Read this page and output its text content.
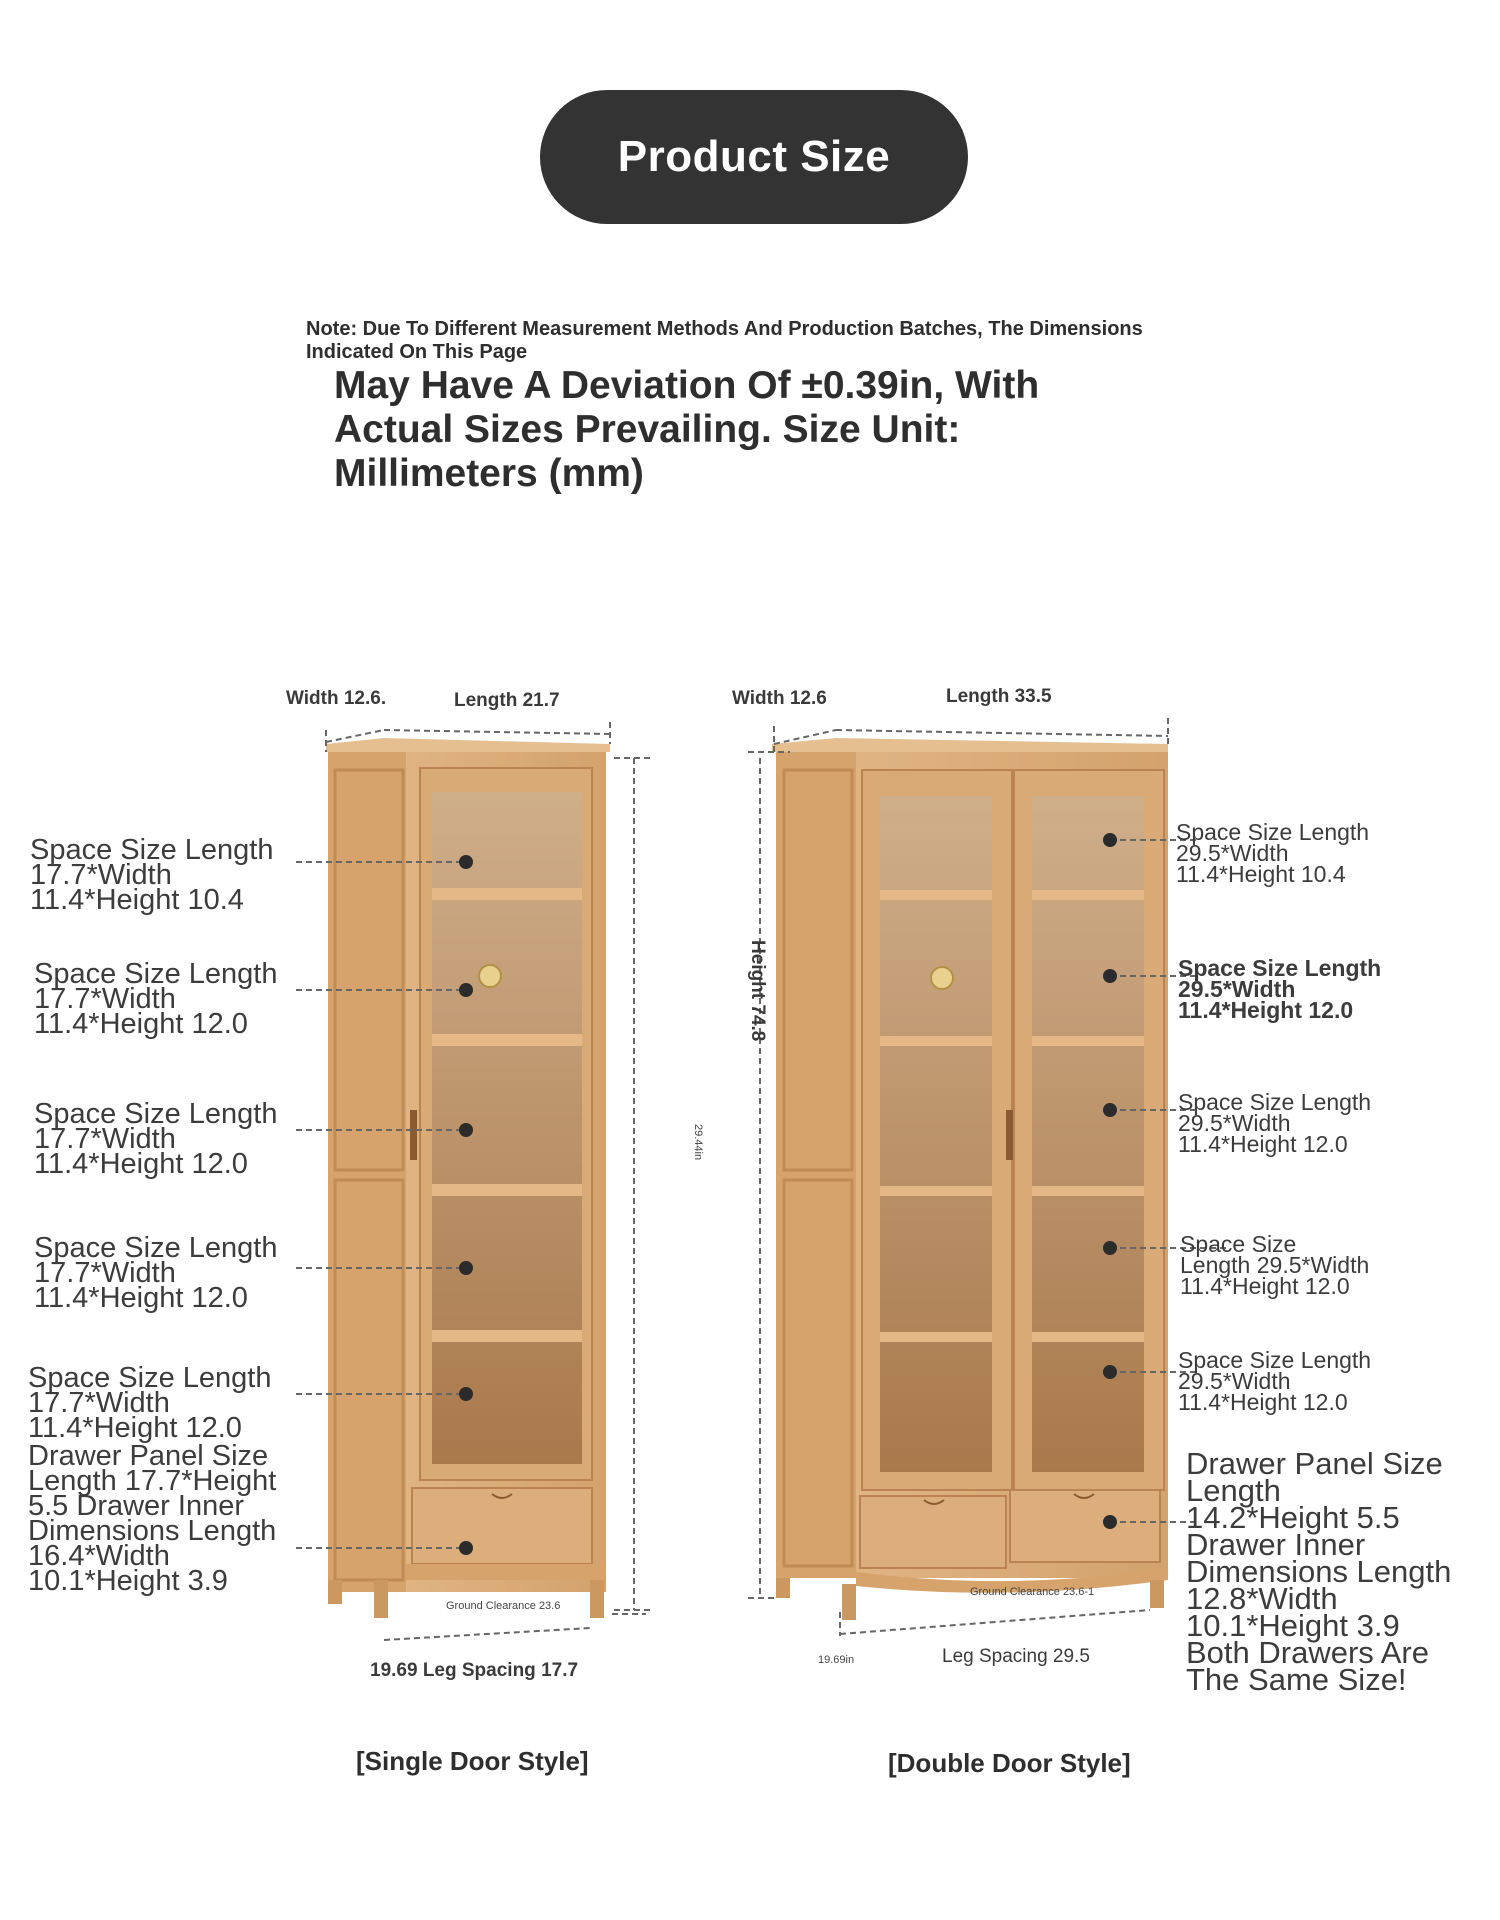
Product Size
Note: Due To Different Measurement Methods And Production Batches, The Dimensions Indicated On This Page
May Have A Deviation Of ±0.39in, With Actual Sizes Prevailing. Size Unit: Millimeters (mm)
Width 12.6.	Length 21.7
29.44in
Ground Clearance 23.6
19.69 Leg Spacing 17.7
[Single Door Style]
Space Size Length
17.7*Width
11.4*Height 10.4
Space Size Length
17.7*Width
11.4*Height 12.0
Space Size Length
17.7*Width
11.4*Height 12.0
Space Size Length
17.7*Width
11.4*Height 12.0
Space Size Length
17.7*Width
11.4*Height 12.0
Drawer Panel Size
Length 17.7*Height
5.5 Drawer Inner
Dimensions Length
16.4*Width
10.1*Height 3.9
Width 12.6	Length 33.5
Height 74.8
Ground Clearance 23.6-1
19.69in	Leg Spacing 29.5
[Double Door Style]
Space Size Length
29.5*Width
11.4*Height 10.4
Space Size Length
29.5*Width
11.4*Height 12.0
Space Size Length
29.5*Width
11.4*Height 12.0
Space Size
Length 29.5*Width
11.4*Height 12.0
Space Size Length
29.5*Width
11.4*Height 12.0
Drawer Panel Size
Length
14.2*Height 5.5
Drawer Inner
Dimensions Length
12.8*Width
10.1*Height 3.9
Both Drawers Are
The Same Size!
